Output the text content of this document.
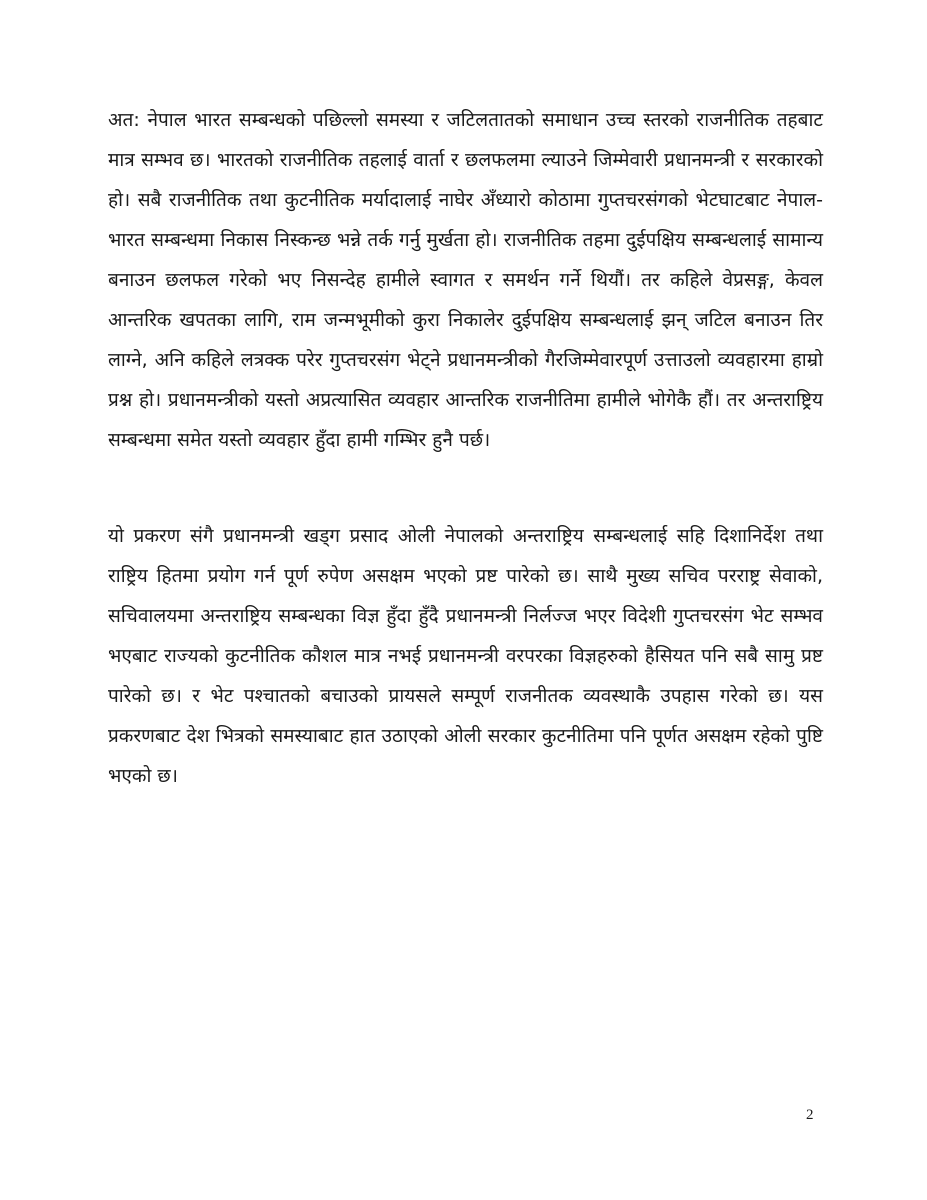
अत: नेपाल भारत सम्बन्धको पछिल्लो समस्या र जटिलतातको समाधान उच्च स्तरको राजनीतिक तहबाट मात्र सम्भव छ। भारतको राजनीतिक तहलाई वार्ता र छलफलमा ल्याउने जिम्मेवारी प्रधानमन्त्री र सरकारको हो। सबै राजनीतिक तथा कुटनीतिक मर्यादालाई नाघेर अँध्यारो कोठामा गुप्तचरसंगको भेटघाटबाट नेपाल-भारत सम्बन्धमा निकास निस्कन्छ भन्ने तर्क गर्नु मुर्खता हो। राजनीतिक तहमा दुईपक्षिय सम्बन्धलाई सामान्य बनाउन छलफल गरेको भए निसन्देह हामीले स्वागत र समर्थन गर्ने थियौं। तर कहिले वेप्रसङ्ग, केवल आन्तरिक खपतका लागि, राम जन्मभूमीको कुरा निकालेर दुईपक्षिय सम्बन्धलाई झन् जटिल बनाउन तिर लाग्ने, अनि कहिले लत्रक्क परेर गुप्तचरसंग भेट्ने प्रधानमन्त्रीको गैरजिम्मेवारपूर्ण उत्ताउलो व्यवहारमा हाम्रो प्रश्न हो। प्रधानमन्त्रीको यस्तो अप्रत्यासित व्यवहार आन्तरिक राजनीतिमा हामीले भोगेकै हौं। तर अन्तराष्ट्रिय सम्बन्धमा समेत यस्तो व्यवहार हुँदा हामी गम्भिर हुनै पर्छ।

यो प्रकरण संगै प्रधानमन्त्री खड्ग प्रसाद ओली नेपालको अन्तराष्ट्रिय सम्बन्धलाई सहि दिशानिर्देश तथा राष्ट्रिय हितमा प्रयोग गर्न पूर्ण रुपेण असक्षम भएको प्रष्ट पारेको छ। साथै मुख्य सचिव परराष्ट्र सेवाको, सचिवालयमा अन्तराष्ट्रिय सम्बन्धका विज्ञ हुँदा हुँदै प्रधानमन्त्री निर्लज्ज भएर विदेशी गुप्तचरसंग भेट सम्भव भएबाट राज्यको कुटनीतिक कौशल मात्र नभई प्रधानमन्त्री वरपरका विज्ञहरुको हैसियत पनि सबै सामु प्रष्ट पारेको छ। र भेट पश्चातको बचाउको प्रायसले सम्पूर्ण राजनीतक व्यवस्थाकै उपहास गरेको छ। यस प्रकरणबाट देश भित्रको समस्याबाट हात उठाएको ओली सरकार कुटनीतिमा पनि पूर्णत असक्षम रहेको पुष्टि भएको छ।

2
